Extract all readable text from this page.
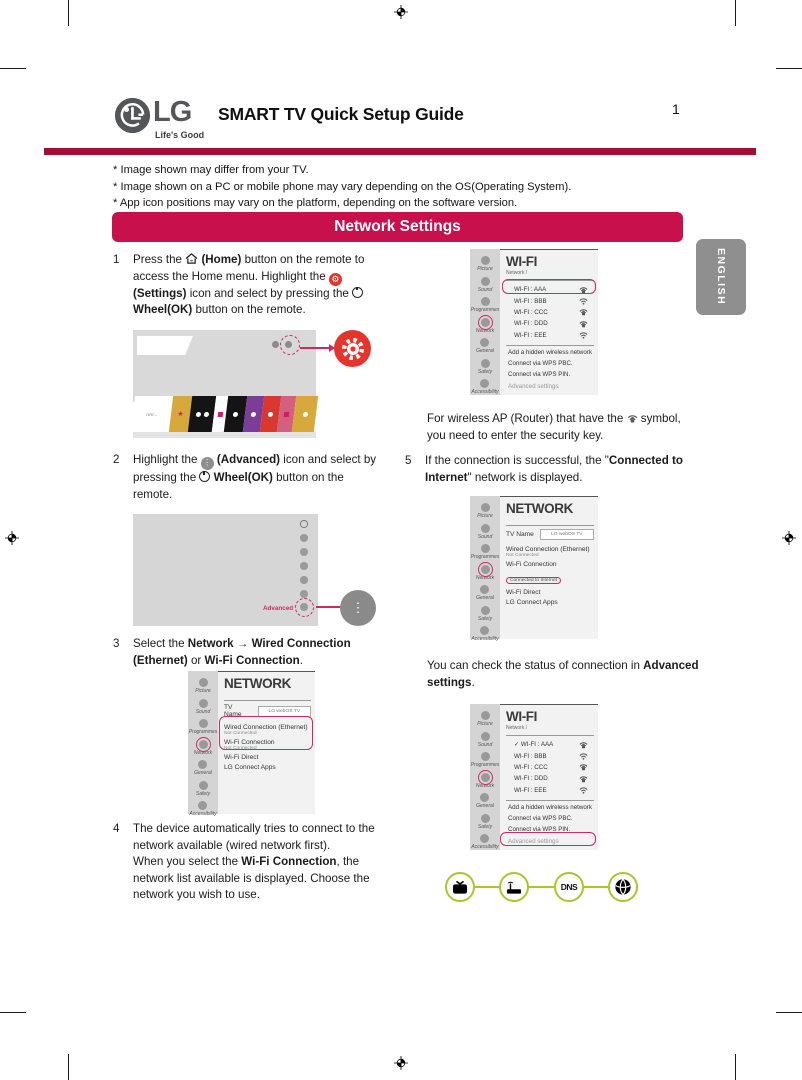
LG
Life's Good
SMART TV Quick Setup Guide	1
* Image shown may differ from your TV.
* Image shown on a PC or mobile phone may vary depending on the OS(Operating System).
* App icon positions may vary on the platform, depending on the software version.
Network Settings
ENGLISH
1 Press the  (Home) button on the remote to access the Home menu. Highlight the ⚙ (Settings) icon and select by pressing the  Wheel(OK) button on the remote.
rrrrr...	★
2 Highlight the ⋮ (Advanced) icon and select by pressing the  Wheel(OK) button on the remote.
Advanced	⋮
3 Select the Network → Wired Connection (Ethernet) or Wi-Fi Connection.
Picture
Sound
Programmes
Network
General
Safety
Accessibility
NETWORK
TV Name	LG webOS TV
Wired Connection (Ethernet)
Not Connected
Wi-Fi Connection
Not Connected
Wi-Fi Direct
LG Connect Apps
4 The device automatically tries to connect to the network available (wired network first).
When you select the Wi-Fi Connection, the network list available is displayed. Choose the network you wish to use.
Picture
Sound
Programmes
Network
General
Safety
Accessibility
WI-FI
Network /
WI-FI : AAA
WI-FI : BBB
WI-FI : CCC
WI-FI : DDD
WI-FI : EEE
Add a hidden wireless network
Connect via WPS PBC.
Connect via WPS PIN.
Advanced settings
For wireless AP (Router) that have the  symbol, you need to enter the security key.
5 If the connection is successful, the "Connected to Internet" network is displayed.
Picture
Sound
Programmes
Network
General
Safety
Accessibility
NETWORK
TV Name	LG webOS TV
Wired Connection (Ethernet)
Not Connected
Wi-Fi Connection
Connected to Internet
Wi-Fi Direct
LG Connect Apps
You can check the status of connection in Advanced settings.
Picture
Sound
Programmes
Network
General
Safety
Accessibility
WI-FI
Network /
✓ WI-FI : AAA
WI-FI : BBB
WI-FI : CCC
WI-FI : DDD
WI-FI : EEE
Add a hidden wireless network
Connect via WPS PBC.
Connect via WPS PIN.
Advanced settings
DNS
